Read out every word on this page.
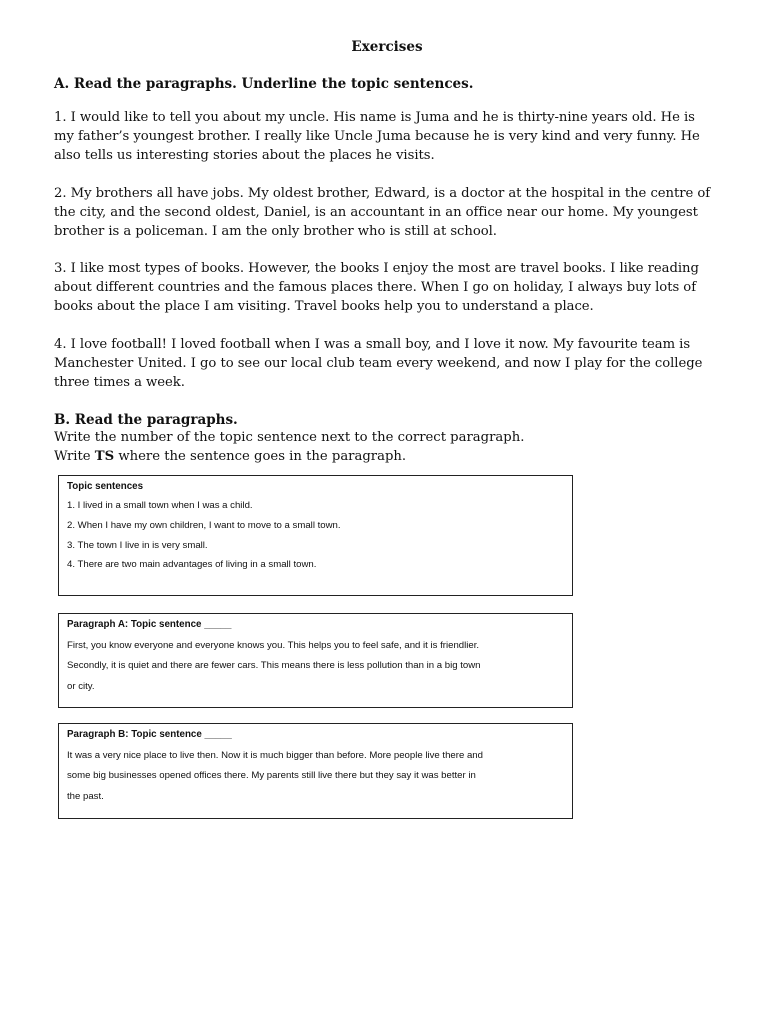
Exercises
A. Read the paragraphs. Underline the topic sentences.
1. I would like to tell you about my uncle. His name is Juma and he is thirty-nine years old. He is
my father’s youngest brother. I really like Uncle Juma because he is very kind and very funny. He
also tells us interesting stories about the places he visits.
2. My brothers all have jobs. My oldest brother, Edward, is a doctor at the hospital in the centre of
the city, and the second oldest, Daniel, is an accountant in an office near our home. My youngest
brother is a policeman. I am the only brother who is still at school.
3. I like most types of books. However, the books I enjoy the most are travel books. I like reading
about different countries and the famous places there. When I go on holiday, I always buy lots of
books about the place I am visiting. Travel books help you to understand a place.
4. I love football! I loved football when I was a small boy, and I love it now. My favourite team is
Manchester United. I go to see our local club team every weekend, and now I play for the college
three times a week.
B. Read the paragraphs.
Write the number of the topic sentence next to the correct paragraph.
Write TS where the sentence goes in the paragraph.
Topic sentences
1. I lived in a small town when I was a child.
2. When I have my own children, I want to move to a small town.
3. The town I live in is very small.
4. There are two main advantages of living in a small town.
Paragraph A: Topic sentence _____
First, you know everyone and everyone knows you. This helps you to feel safe, and it is friendlier.
Secondly, it is quiet and there are fewer cars. This means there is less pollution than in a big town
or city.
Paragraph B: Topic sentence _____
It was a very nice place to live then. Now it is much bigger than before. More people live there and
some big businesses opened offices there. My parents still live there but they say it was better in
the past.
